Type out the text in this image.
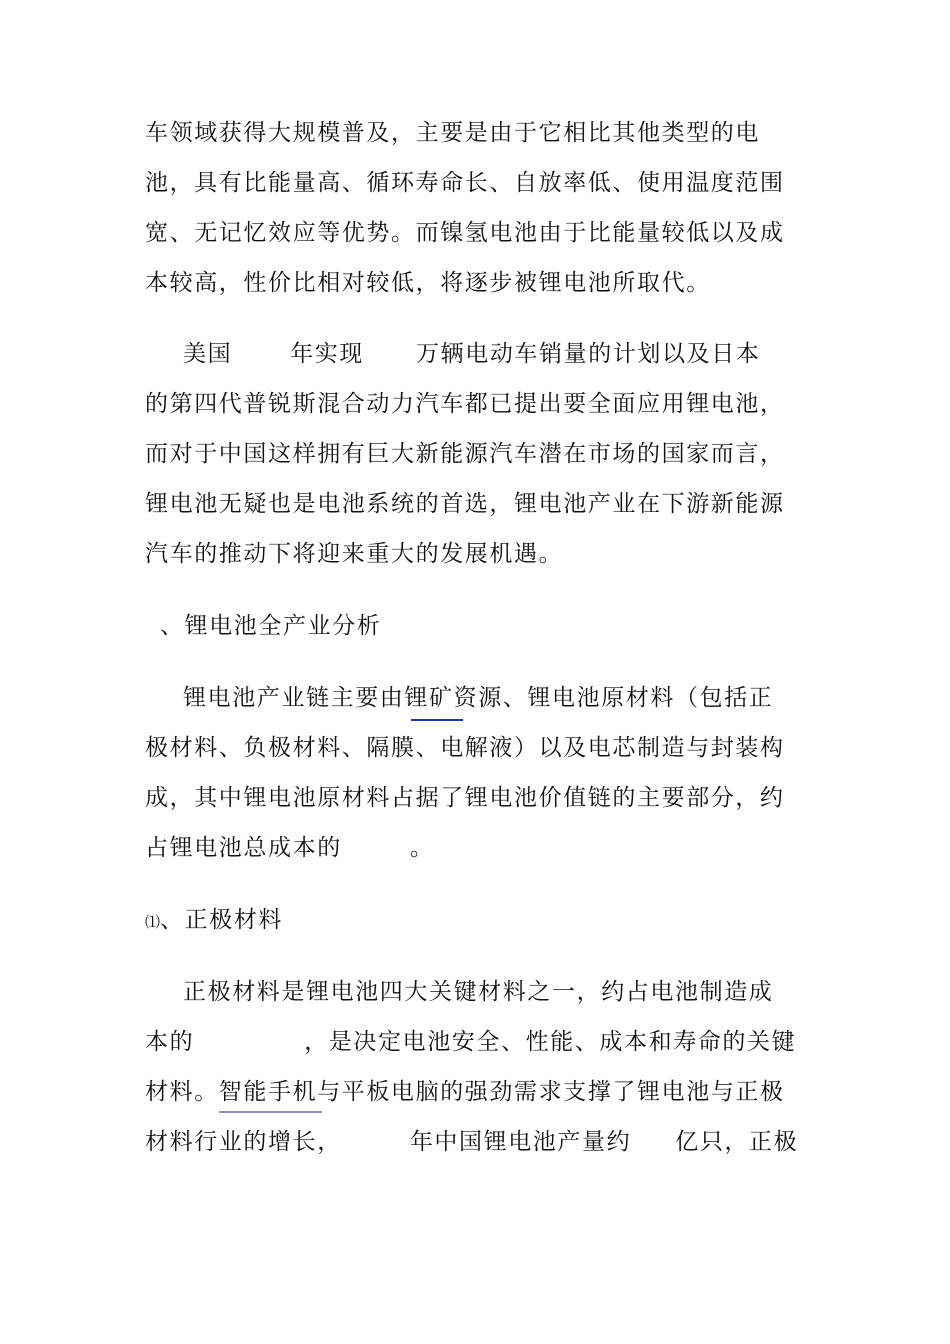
车领域获得大规模普及，主要是由于它相比其他类型的电
池，具有比能量高、循环寿命长、自放率低、使用温度范围
宽、无记忆效应等优势。而镍氢电池由于比能量较低以及成
本较高，性价比相对较低，将逐步被锂电池所取代。
美国	年实现 万辆电动车销量的计划以及日本
的第四代普锐斯混合动力汽车都已提出要全面应用锂电池，
而对于中国这样拥有巨大新能源汽车潜在市场的国家而言，
锂电池无疑也是电池系统的首选，锂电池产业在下游新能源
汽车的推动下将迎来重大的发展机遇。
、锂电池全产业分析
锂电池产业链主要由锂矿资源、锂电池原材料（包括正
极材料、负极材料、隔膜、电解液）以及电芯制造与封装构
成，其中锂电池原材料占据了锂电池价值链的主要部分，约
占锂电池总成本的	。
⑴、正极材料
正极材料是锂电池四大关键材料之一，约占电池制造成
本的	，是决定电池安全、性能、成本和寿命的关键
材料。智能手机与平板电脑的强劲需求支撑了锂电池与正极
材料行业的增长，	年中国锂电池产量约 亿只，正极
